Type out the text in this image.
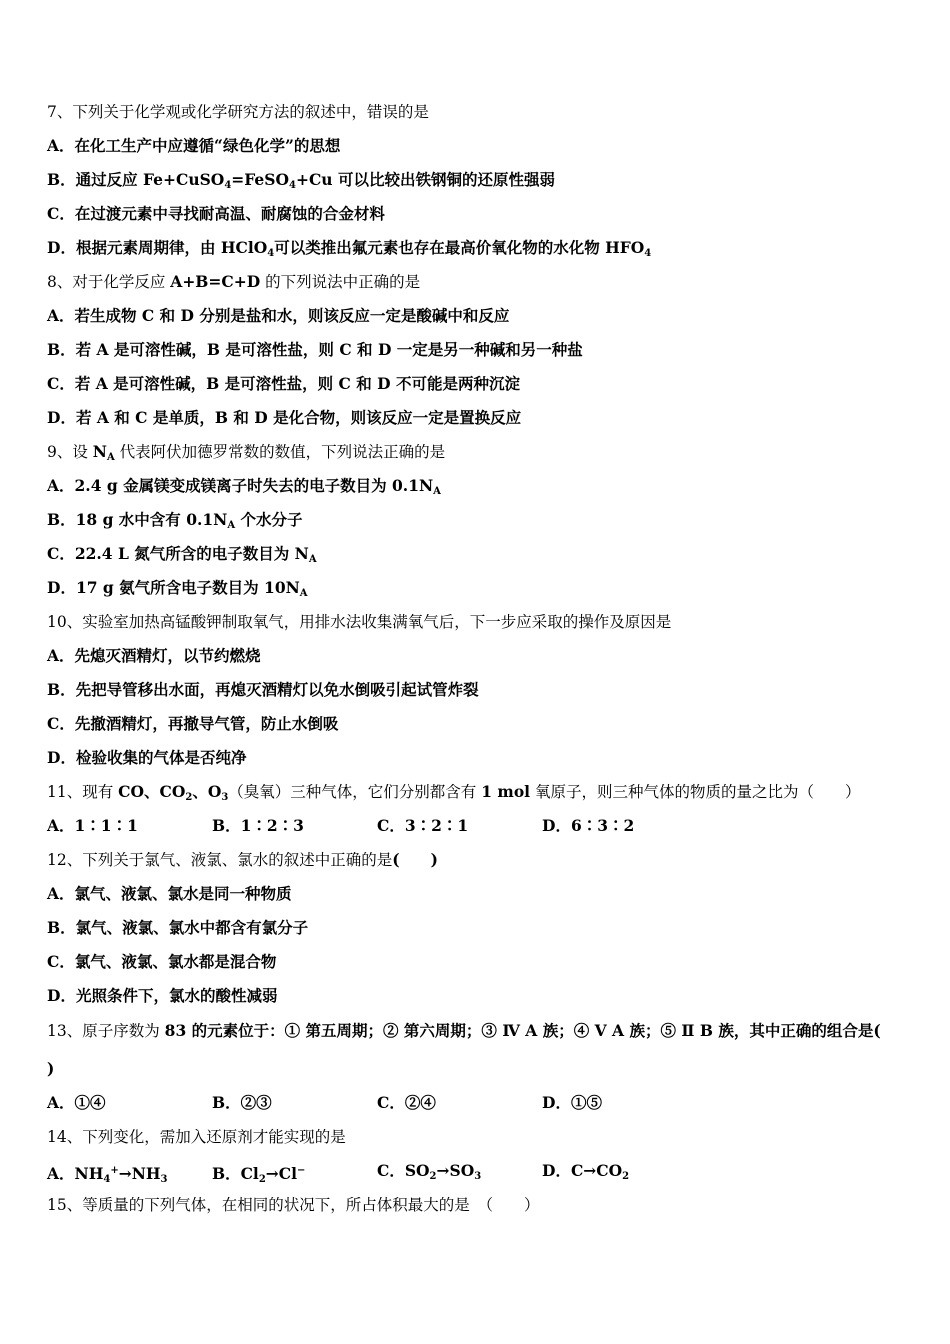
7、下列关于化学观或化学研究方法的叙述中，错误的是
A．在化工生产中应遵循“绿色化学”的思想
B．通过反应 Fe+CuSO$_4$=FeSO$_4$+Cu 可以比较出铁钢铜的还原性强弱
C．在过渡元素中寻找耐高温、耐腐蚀的合金材料
D．根据元素周期律，由 HClO$_4$可以类推出氟元素也存在最高价氧化物的水化物 $HFO_4$
8、对于化学反应 A+B=C+D 的下列说法中正确的是
A．若生成物 C 和 D 分别是盐和水，则该反应一定是酸碱中和反应
B．若 A 是可溶性碱，B 是可溶性盐，则 C 和 D 一定是另一种碱和另一种盐
C．若 A 是可溶性碱，B 是可溶性盐，则 C 和 D 不可能是两种沉淀
D．若 A 和 C 是单质，B 和 D 是化合物，则该反应一定是置换反应
9、设 $N_A$ 代表阿伏加德罗常数的数值，下列说法正确的是
A．2.4 g 金属镁变成镁离子时失去的电子数目为 $0.1N_A$
B．18 g 水中含有 $0.1N_A$ 个水分子
C．22.4 L 氮气所含的电子数目为 $N_A$
D．17 g 氨气所含电子数目为 $10N_A$
10、实验室加热高锰酸钾制取氧气，用排水法收集满氧气后，下一步应采取的操作及原因是
A．先熄灭酒精灯，以节约燃烧
B．先把导管移出水面，再熄灭酒精灯以免水倒吸引起试管炸裂
C．先撤酒精灯，再撤导气管，防止水倒吸
D．检验收集的气体是否纯净
11、现有 CO、$CO_2$、$O_3$（臭氧）三种气体，它们分别都含有 1 mol 氧原子，则三种气体的物质的量之比为（　　）
A．1∶1∶1	B．1∶2∶3	C．3∶2∶1	D．6∶3∶2
12、下列关于氯气、液氯、氯水的叙述中正确的是(　　)
A．氯气、液氯、氯水是同一种物质
B．氯气、液氯、氯水中都含有氯分子
C．氯气、液氯、氯水都是混合物
D．光照条件下，氯水的酸性减弱
13、原子序数为 83 的元素位于：① 第五周期；② 第六周期；③ Ⅳ A 族；④ Ⅴ A 族；⑤ Ⅱ B 族，其中正确的组合是(
)
A．①④	B．②③	C．②④	D．①⑤
14、下列变化，需加入还原剂才能实现的是
A．$NH_4^+\to NH_3$	B．$Cl_2\to Cl^-$	C．$SO_2\to SO_3$	D．$C\to CO_2$
15、等质量的下列气体，在相同的状况下，所占体积最大的是　（　　）
